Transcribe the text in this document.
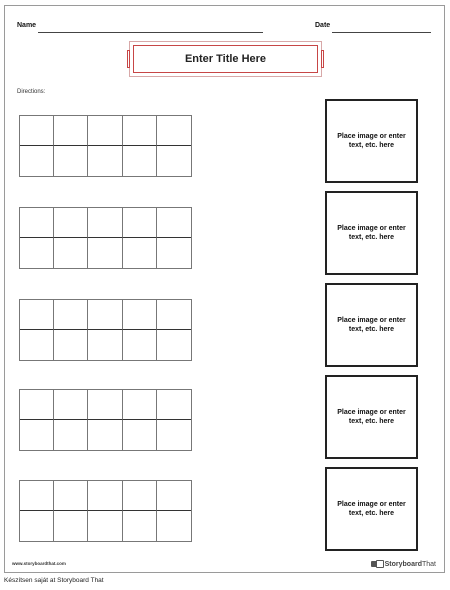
Name	Date
Enter Title Here
Directions:
Place image or enter text, etc. here
Place image or enter text, etc. here
Place image or enter text, etc. here
Place image or enter text, etc. here
Place image or enter text, etc. here
www.storyboardthat.com	StoryboardThat
Készítsen saját at Storyboard That
